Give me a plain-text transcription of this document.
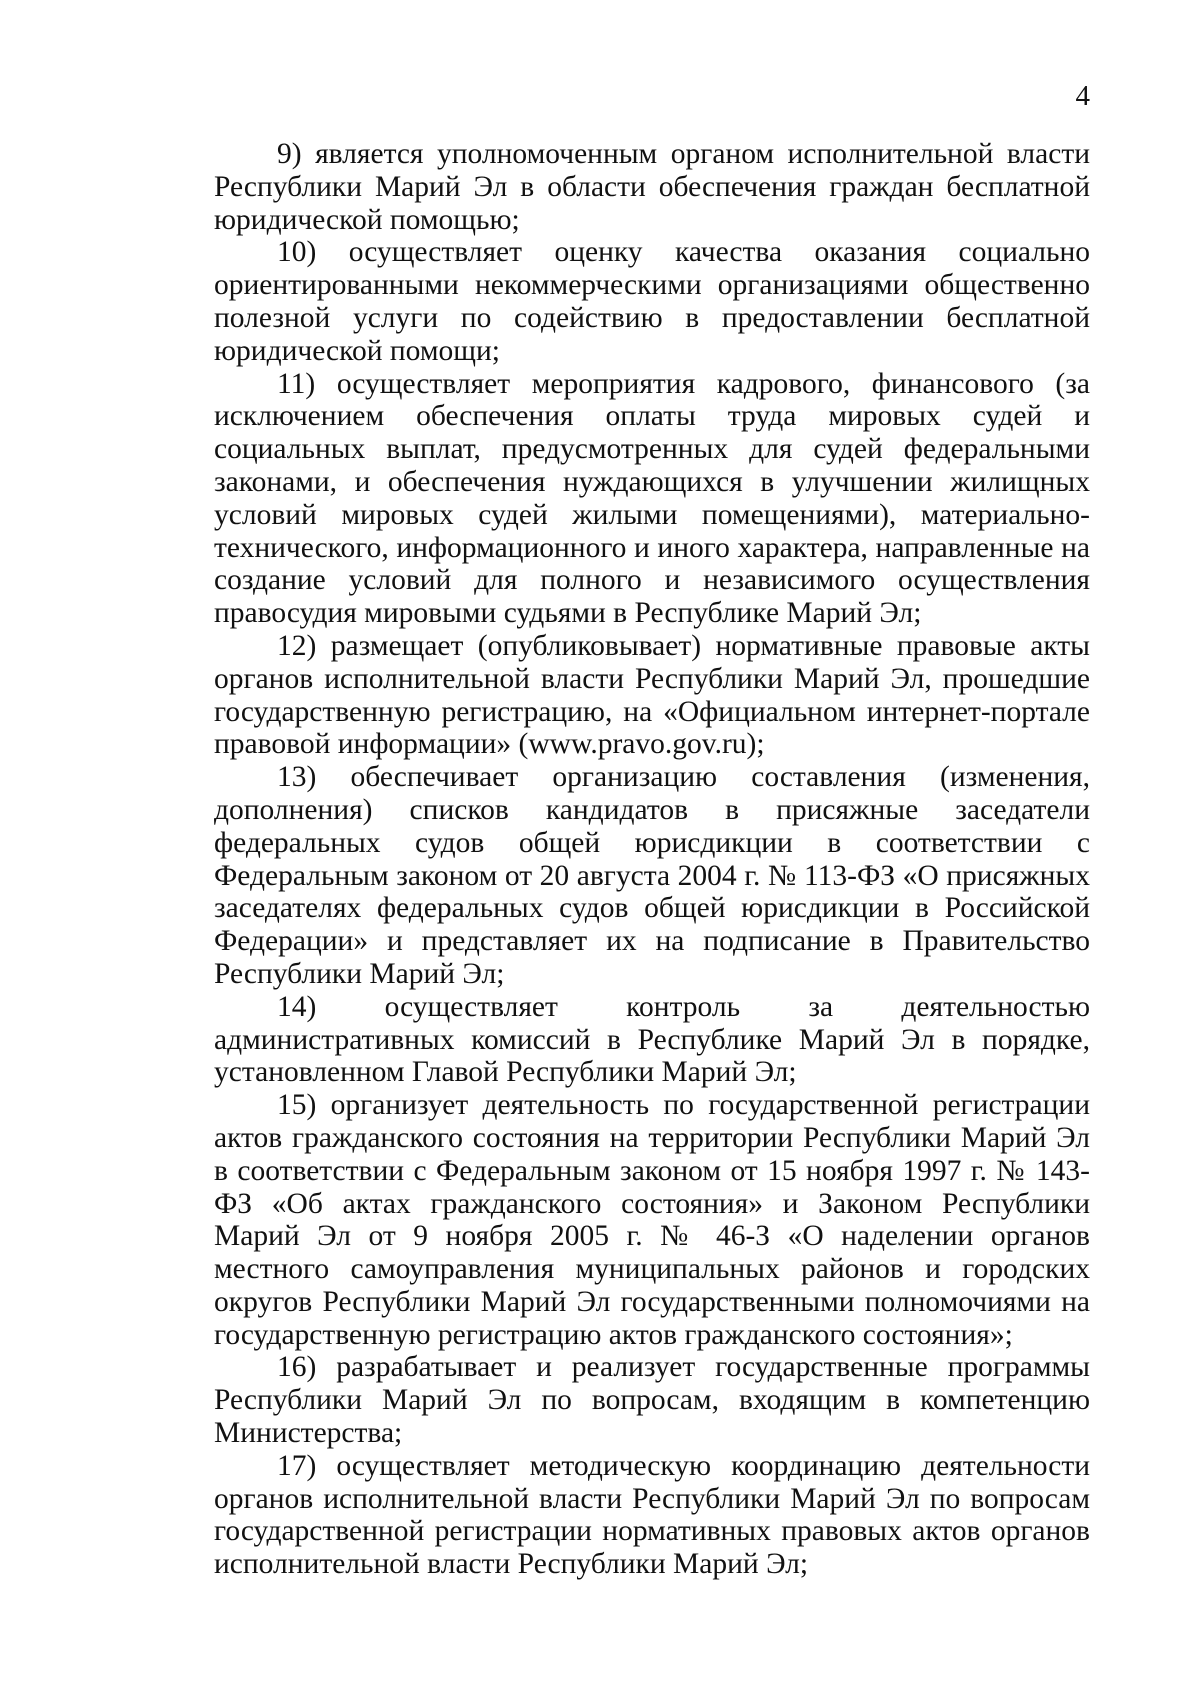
4

9) является уполномоченным органом исполнительной власти Республики Марий Эл в области обеспечения граждан бесплатной юридической помощью;

10) осуществляет оценку качества оказания социально ориентированными некоммерческими организациями общественно полезной услуги по содействию в предоставлении бесплатной юридической помощи;

11) осуществляет мероприятия кадрового, финансового (за исключением обеспечения оплаты труда мировых судей и социальных выплат, предусмотренных для судей федеральными законами, и обеспечения нуждающихся в улучшении жилищных условий мировых судей жилыми помещениями), материально-технического, информационного и иного характера, направленные на создание условий для полного и независимого осуществления правосудия мировыми судьями в Республике Марий Эл;

12) размещает (опубликовывает) нормативные правовые акты органов исполнительной власти Республики Марий Эл, прошедшие государственную регистрацию, на «Официальном интернет-портале правовой информации» (www.pravo.gov.ru);

13) обеспечивает организацию составления (изменения, дополнения) списков кандидатов в присяжные заседатели федеральных судов общей юрисдикции в соответствии с Федеральным законом от 20 августа 2004 г. № 113-ФЗ «О присяжных заседателях федеральных судов общей юрисдикции в Российской Федерации» и представляет их на подписание в Правительство Республики Марий Эл;

14) осуществляет контроль за деятельностью административных комиссий в Республике Марий Эл в порядке, установленном Главой Республики Марий Эл;

15) организует деятельность по государственной регистрации актов гражданского состояния на территории Республики Марий Эл в соответствии с Федеральным законом от 15 ноября 1997 г. № 143-ФЗ «Об актах гражданского состояния» и Законом Республики Марий Эл от 9 ноября 2005 г. № 46-З «О наделении органов местного самоуправления муниципальных районов и городских округов Республики Марий Эл государственными полномочиями на государственную регистрацию актов гражданского состояния»;

16) разрабатывает и реализует государственные программы Республики Марий Эл по вопросам, входящим в компетенцию Министерства;

17) осуществляет методическую координацию деятельности органов исполнительной власти Республики Марий Эл по вопросам государственной регистрации нормативных правовых актов органов исполнительной власти Республики Марий Эл;
